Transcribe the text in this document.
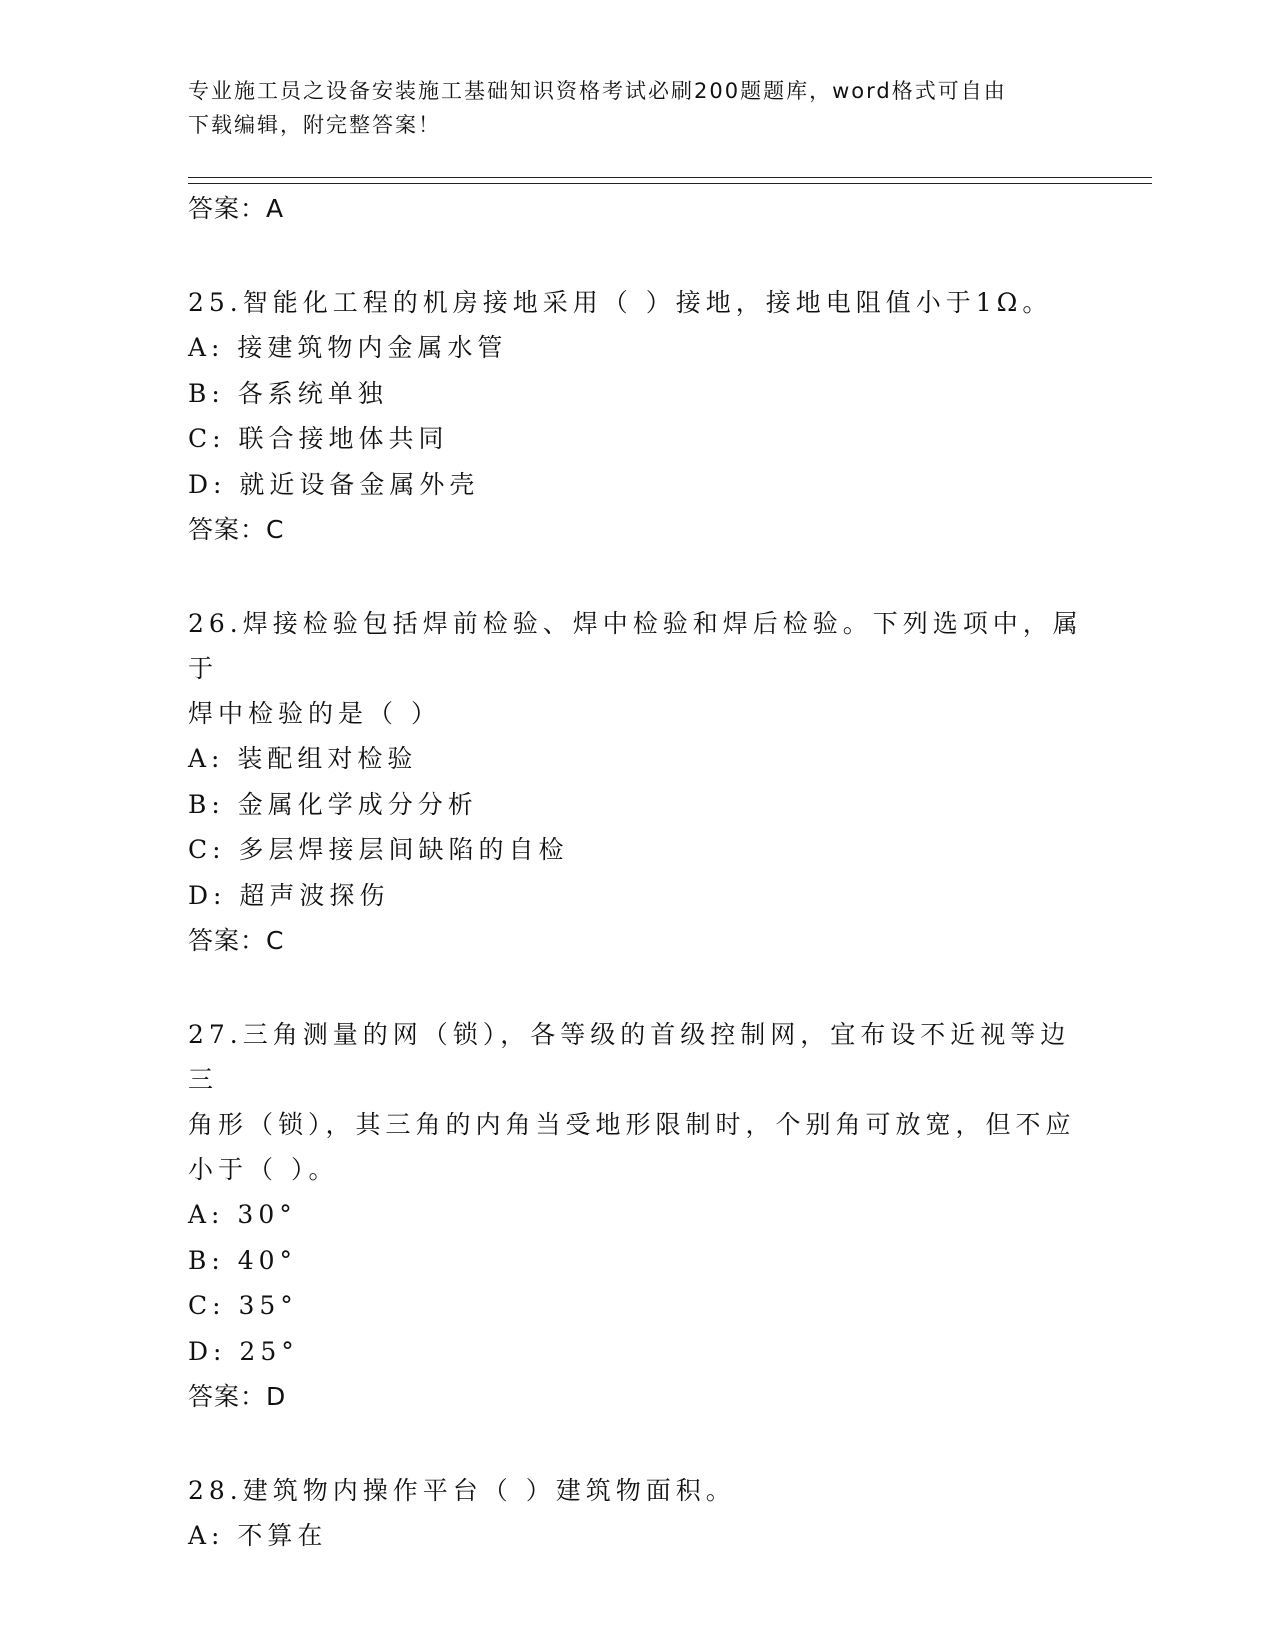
专业施工员之设备安装施工基础知识资格考试必刷200题题库，word格式可自由
下载编辑，附完整答案！
答案：A
25.智能化工程的机房接地采用（ ）接地，接地电阻值小于1Ω。
A: 接建筑物内金属水管
B: 各系统单独
C: 联合接地体共同
D: 就近设备金属外壳
答案：C
26.焊接检验包括焊前检验、焊中检验和焊后检验。下列选项中，属于
焊中检验的是（ ）
A: 装配组对检验
B: 金属化学成分分析
C: 多层焊接层间缺陷的自检
D: 超声波探伤
答案：C
27.三角测量的网（锁），各等级的首级控制网，宜布设不近视等边三
角形（锁），其三角的内角当受地形限制时，个别角可放宽，但不应
小于（ ）。
A: 30°
B: 40°
C: 35°
D: 25°
答案：D
28.建筑物内操作平台（ ）建筑物面积。
A: 不算在
